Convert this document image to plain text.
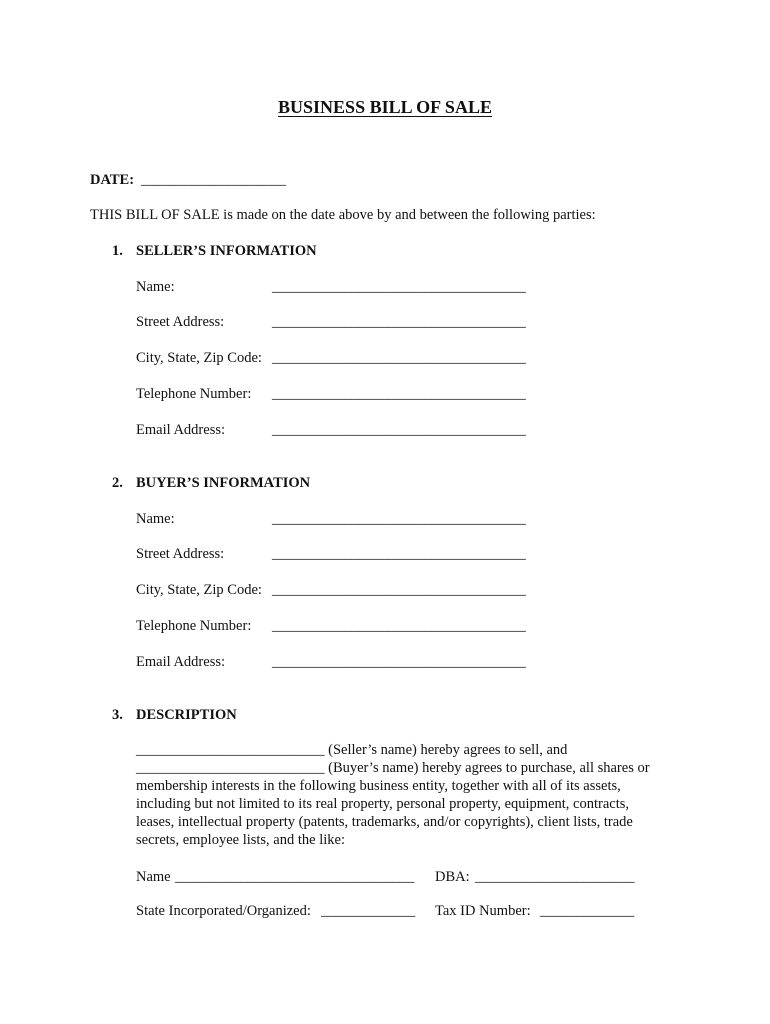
BUSINESS BILL OF SALE
DATE: ____________________
THIS BILL OF SALE is made on the date above by and between the following parties:
1. SELLER’S INFORMATION
Name:	___________________________________
Street Address:	___________________________________
City, State, Zip Code: ___________________________________
Telephone Number: ___________________________________
Email Address:	___________________________________
2. BUYER’S INFORMATION
Name:	___________________________________
Street Address:	___________________________________
City, State, Zip Code: ___________________________________
Telephone Number: ___________________________________
Email Address:	___________________________________
3. DESCRIPTION
__________________________ (Seller’s name) hereby agrees to sell, and
__________________________ (Buyer’s name) hereby agrees to purchase, all shares or
membership interests in the following business entity, together with all of its assets,
including but not limited to its real property, personal property, equipment, contracts,
leases, intellectual property (patents, trademarks, and/or copyrights), client lists, trade
secrets, employee lists, and the like:
Name _________________________________ DBA: ______________________
State Incorporated/Organized: _____________ Tax ID Number: _____________
